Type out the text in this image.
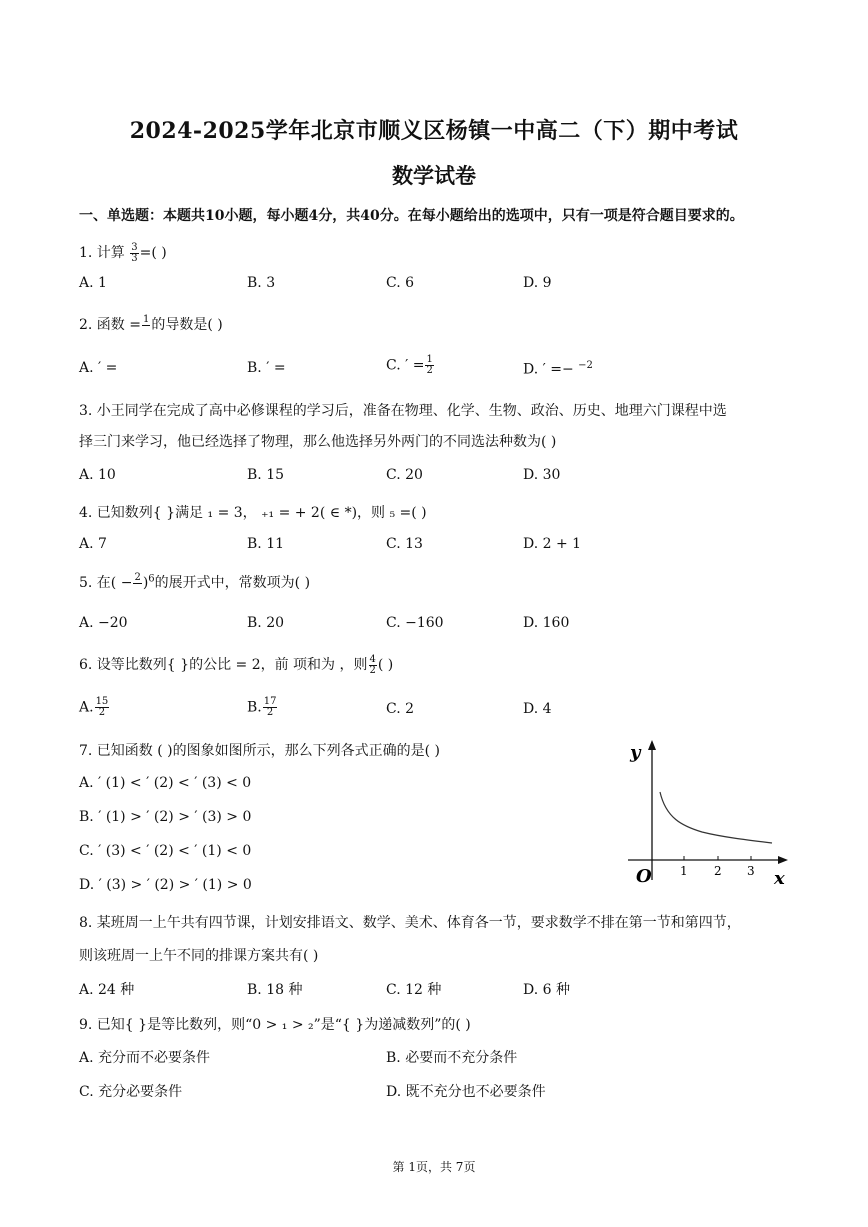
2024-2025学年北京市顺义区杨镇一中高二（下）期中考试
数学试卷
一、单选题：本题共10小题，每小题4分，共40分。在每小题给出的选项中，只有一项是符合题目要求的。
1. 计算 $\frac{3}{3}$ =( )
A. 1	B. 3	C. 6	D. 9
2. 函数 = 1
的导数是( )
A. ′ =	B. ′ =	C. ′ = $\frac{1}{2}$	D. ′ =− $^{-2}$
3. 小王同学在完成了高中必修课程的学习后，准备在物理、化学、生物、政治、历史、地理六门课程中选
择三门来学习，他已经选择了物理，那么他选择另外两门的不同选法种数为( )
A. 10	B. 15	C. 20	D. 30
4. 已知数列{ }满足 ₁ = 3， ₊₁ = + 2( ∈ *)，则 ₅ =( )
A. 7	B. 11	C. 13	D. 2 + 1
5. 在( − 2
)$^6$的展开式中，常数项为( )
A. −20	B. 20	C. −160	D. 160
6. 设等比数列{ }的公比 = 2，前 项和为 ，则 $\frac{4}{2}$ ( )
A. $\frac{15}{2}$	B. $\frac{17}{2}$	C. 2	D. 4
7. 已知函数 ( )的图象如图所示，那么下列各式正确的是( )
A. ′ (1) < ′ (2) < ′ (3) < 0
B. ′ (1) > ′ (2) > ′ (3) > 0
C. ′ (3) < ′ (2) < ′ (1) < 0
D. ′ (3) > ′ (2) > ′ (1) > 0
y
x
O 1 2 3
8. 某班周一上午共有四节课，计划安排语文、数学、美术、体育各一节，要求数学不排在第一节和第四节，
则该班周一上午不同的排课方案共有( )
A. 24 种	B. 18 种	C. 12 种	D. 6 种
9. 已知{ }是等比数列，则“0 > ₁ > ₂”是“{ }为递减数列”的( )
A. 充分而不必要条件	B. 必要而不充分条件
C. 充分必要条件	D. 既不充分也不必要条件
第 1页，共 7页
